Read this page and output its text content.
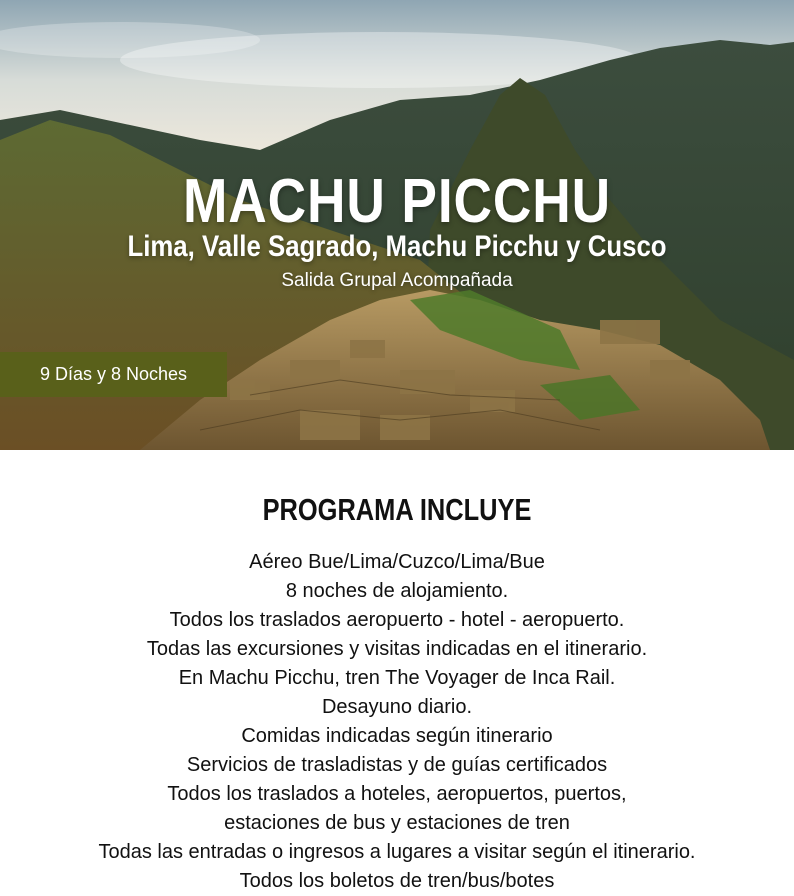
MACHU PICCHU
Lima, Valle Sagrado, Machu Picchu y Cusco
Salida Grupal Acompañada
9 Días y 8 Noches
PROGRAMA INCLUYE
Aéreo Bue/Lima/Cuzco/Lima/Bue
8 noches de alojamiento.
Todos los traslados aeropuerto - hotel - aeropuerto.
Todas las excursiones y visitas indicadas en el itinerario.
En Machu Picchu, tren The Voyager de Inca Rail.
Desayuno diario.
Comidas indicadas según itinerario
Servicios de trasladistas y de guías certificados
Todos los traslados a hoteles, aeropuertos, puertos,
estaciones de bus y estaciones de tren
Todas las entradas o ingresos a lugares a visitar según el itinerario.
Todos los boletos de tren/bus/botes
